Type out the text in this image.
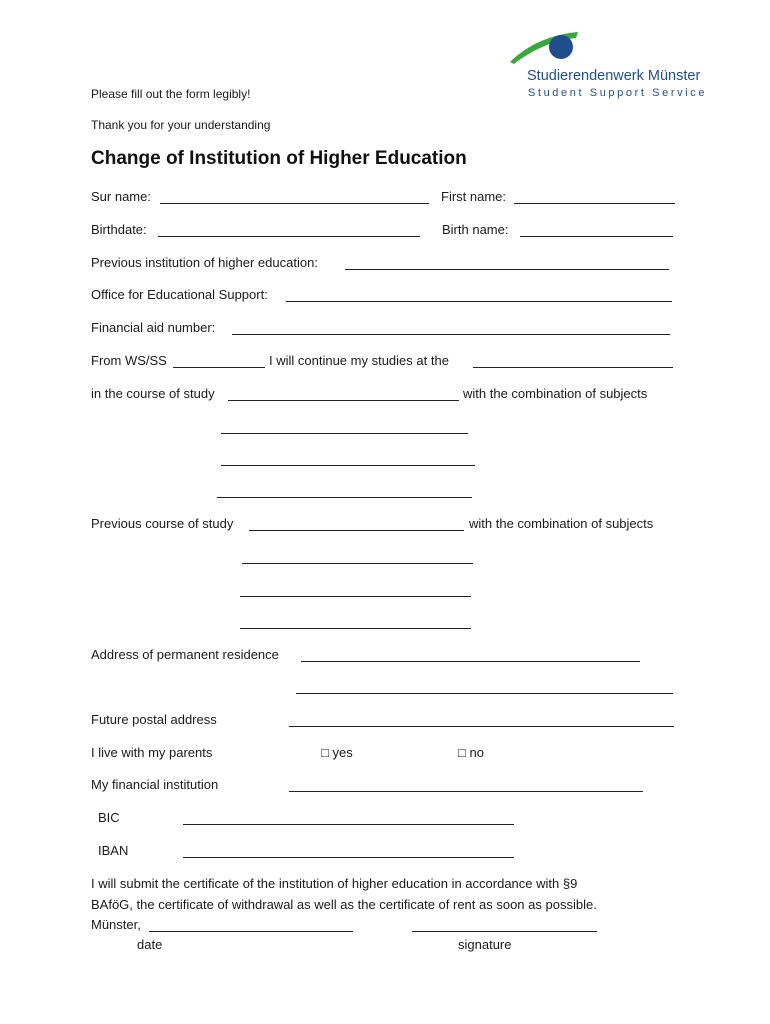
Studierendenwerk Münster
Student Support Service
Please fill out the form legibly!
Thank you for your understanding
Change of Institution of Higher Education
Sur name:	First name:
Birthdate:	Birth name:
Previous institution of higher education:
Office for Educational Support:
Financial aid number:
From WS/SS	I will continue my studies at the
in the course of study	with the combination of subjects
Previous course of study	with the combination of subjects
Address of permanent residence
Future postal address
I live with my parents	□ yes	□ no
My financial institution
BIC
IBAN
I will submit the certificate of the institution of higher education in accordance with §9
BAföG, the certificate of withdrawal as well as the certificate of rent as soon as possible.
Münster,
date	signature
